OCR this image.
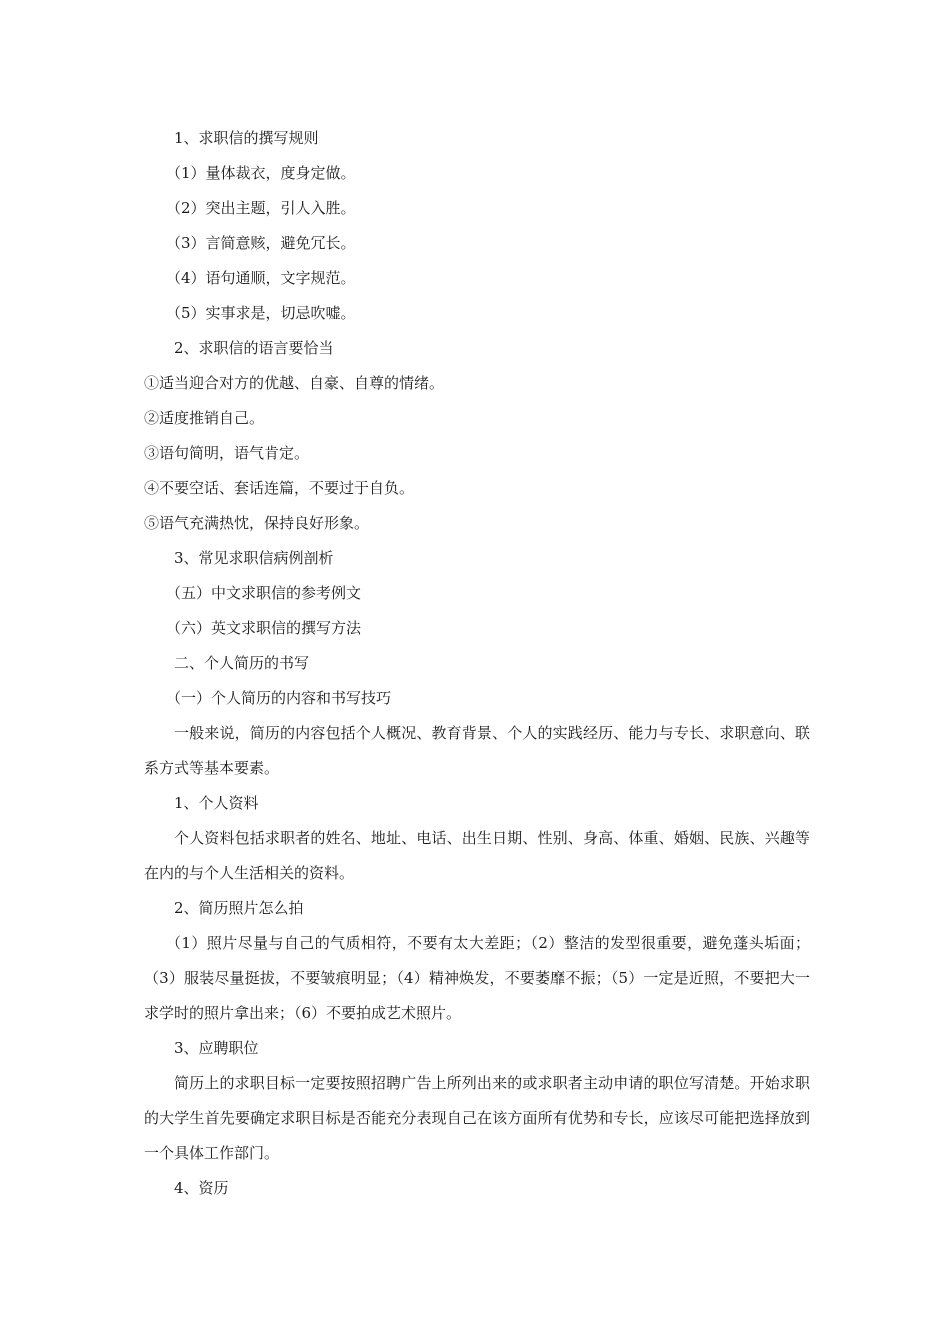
1、求职信的撰写规则

（1）量体裁衣，度身定做。

（2）突出主题，引人入胜。

（3）言简意赅，避免冗长。

（4）语句通顺，文字规范。

（5）实事求是，切忌吹嘘。

2、求职信的语言要恰当

①适当迎合对方的优越、自豪、自尊的情绪。

②适度推销自己。

③语句简明，语气肯定。

④不要空话、套话连篇，不要过于自负。

⑤语气充满热忱，保持良好形象。

3、常见求职信病例剖析

（五）中文求职信的参考例文

（六）英文求职信的撰写方法

二、个人简历的书写

（一）个人简历的内容和书写技巧

一般来说，简历的内容包括个人概况、教育背景、个人的实践经历、能力与专长、求职意向、联系方式等基本要素。

1、个人资料

个人资料包括求职者的姓名、地址、电话、出生日期、性别、身高、体重、婚姻、民族、兴趣等在内的与个人生活相关的资料。

2、简历照片怎么拍

（1）照片尽量与自己的气质相符，不要有太大差距；（2）整洁的发型很重要，避免蓬头垢面；（3）服装尽量挺拔，不要皱痕明显；（4）精神焕发，不要萎靡不振；（5）一定是近照，不要把大一求学时的照片拿出来；（6）不要拍成艺术照片。

3、应聘职位

简历上的求职目标一定要按照招聘广告上所列出来的或求职者主动申请的职位写清楚。开始求职的大学生首先要确定求职目标是否能充分表现自己在该方面所有优势和专长，应该尽可能把选择放到一个具体工作部门。

4、资历
